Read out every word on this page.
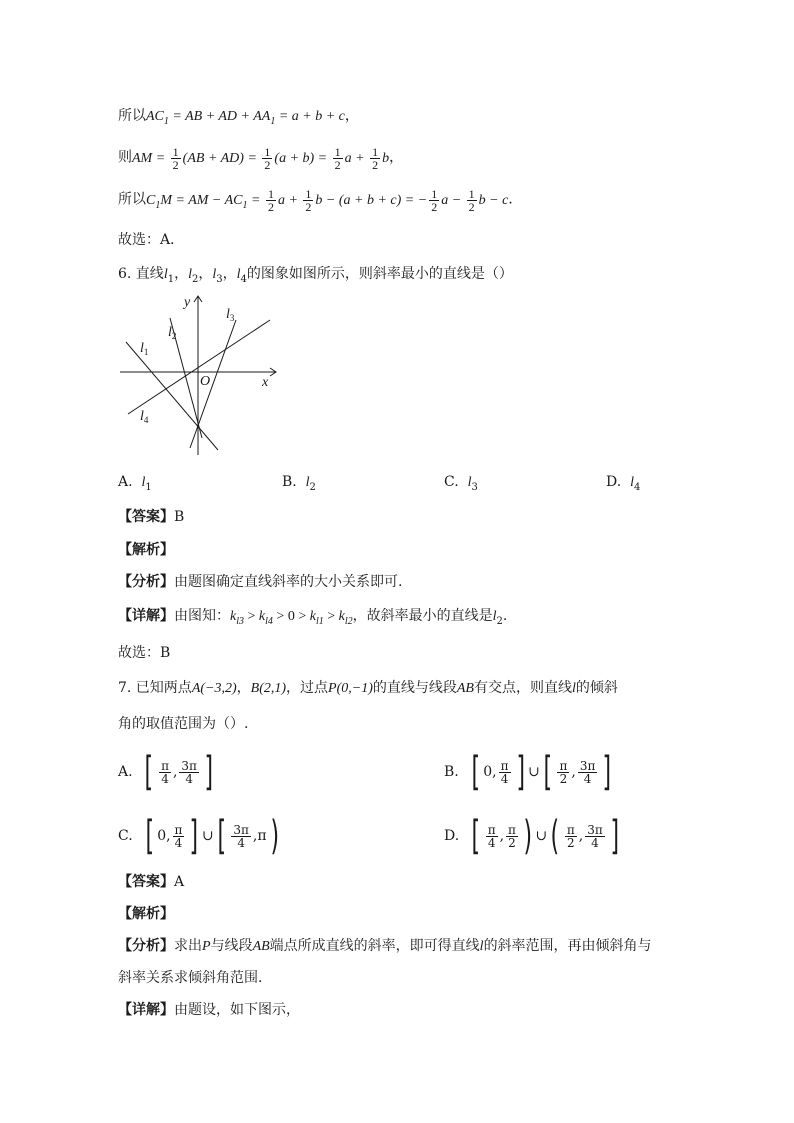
所以$AC_1$ = AB + AD + $AA_1 = a + b + c$，
则AM = $\frac{1}{2} (AB + AD) = \frac{1}{2} (a + b) = \frac{1}{2}$ $a + \frac{1}{2}$ b，
所以$C_1M$ = AM − $AC_1 = \frac{1}{2}$ $a + \frac{1}{2}$ b − (a + b + c) = − $\frac{1}{2}$ $a - \frac{1}{2}$ b − c．
故选：A．
6. 直线$l_1$，$l_2$，$l_3$，$l_4$的图象如图所示，则斜率最小的直线是（）
y
x
O
$l_1$
$l_2$
$l_3$
$l_4$
A. $l_1$	B. $l_2$	C. $l_3$	D. $l_4$
【答案】B
【解析】
【分析】由题图确定直线斜率的大小关系即可.
【详解】由图知：$k_{l3} > k_{l4} > 0 > k_{l1} > k_{l2}$，故斜率最小的直线是$l_2$.
故选：B
7. 已知两点A(−3,2)，B(2,1)，过点P(0,−1)的直线与线段AB有交点，则直线l的倾斜
角的取值范围为（）.
A. [ $\frac{\pi}{4}$ , $\frac{3\pi}{4}$ ]	B. [ 0, $\frac{\pi}{4}$ ] ∪[ $\frac{\pi}{2}$ , $\frac{3\pi}{4}$ ]
C. [ 0, $\frac{\pi}{4}$ ] ∪[ $\frac{3\pi}{4} ,\pi$)	D. [ $\frac{\pi}{4}$ , $\frac{\pi}{2}$ ) ∪( $\frac{\pi}{2}$ , $\frac{3\pi}{4}$ ]
【答案】A
【解析】
【分析】求出P与线段AB端点所成直线的斜率，即可得直线l的斜率范围，再由倾斜角与
斜率关系求倾斜角范围.
【详解】由题设，如下图示，
